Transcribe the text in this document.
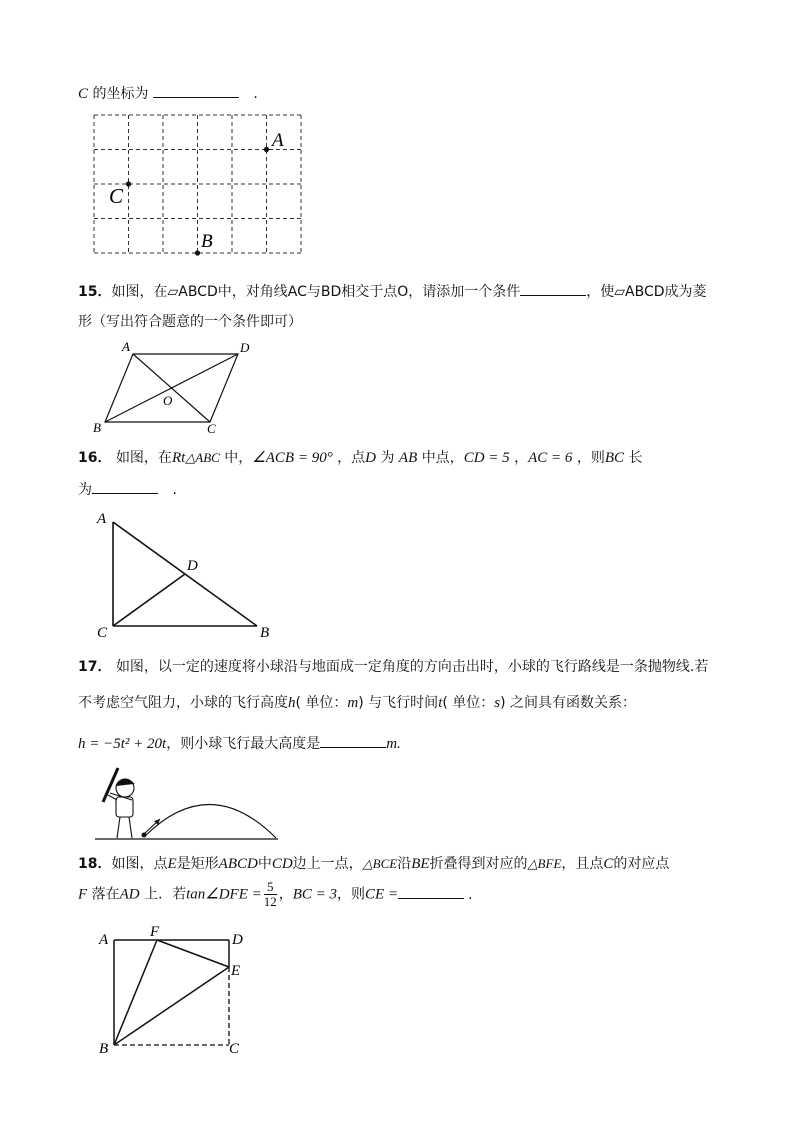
C 的坐标为	.
A
C
B
15．如图，在▱ABCD中，对角线AC与BD相交于点O，请添加一个条件	，使▱ABCD成为菱
形（写出符合题意的一个条件即可）
A	D
O
B	C
16． 如图，在Rt△ABC 中，∠ACB = 90° ，点D 为 AB 中点，CD = 5 ，AC = 6 ，则BC 长
为	.
A
D
C	B
17． 如图，以一定的速度将小球沿与地面成一定角度的方向击出时，小球的飞行路线是一条抛物线.若
不考虑空气阻力，小球的飞行高度h( 单位：m) 与飞行时间t( 单位：s) 之间具有函数关系：
h = −5t² + 20t，则小球飞行最大高度是	m.
18．如图，点E是矩形ABCD中CD边上一点，△BCE沿BE折叠得到对应的△BFE，且点C的对应点
F 落在AD 上．若tan∠DFE = $\frac{5}{12}$ ，BC = 3，则CE =	.
A	F	D
E
B	C
